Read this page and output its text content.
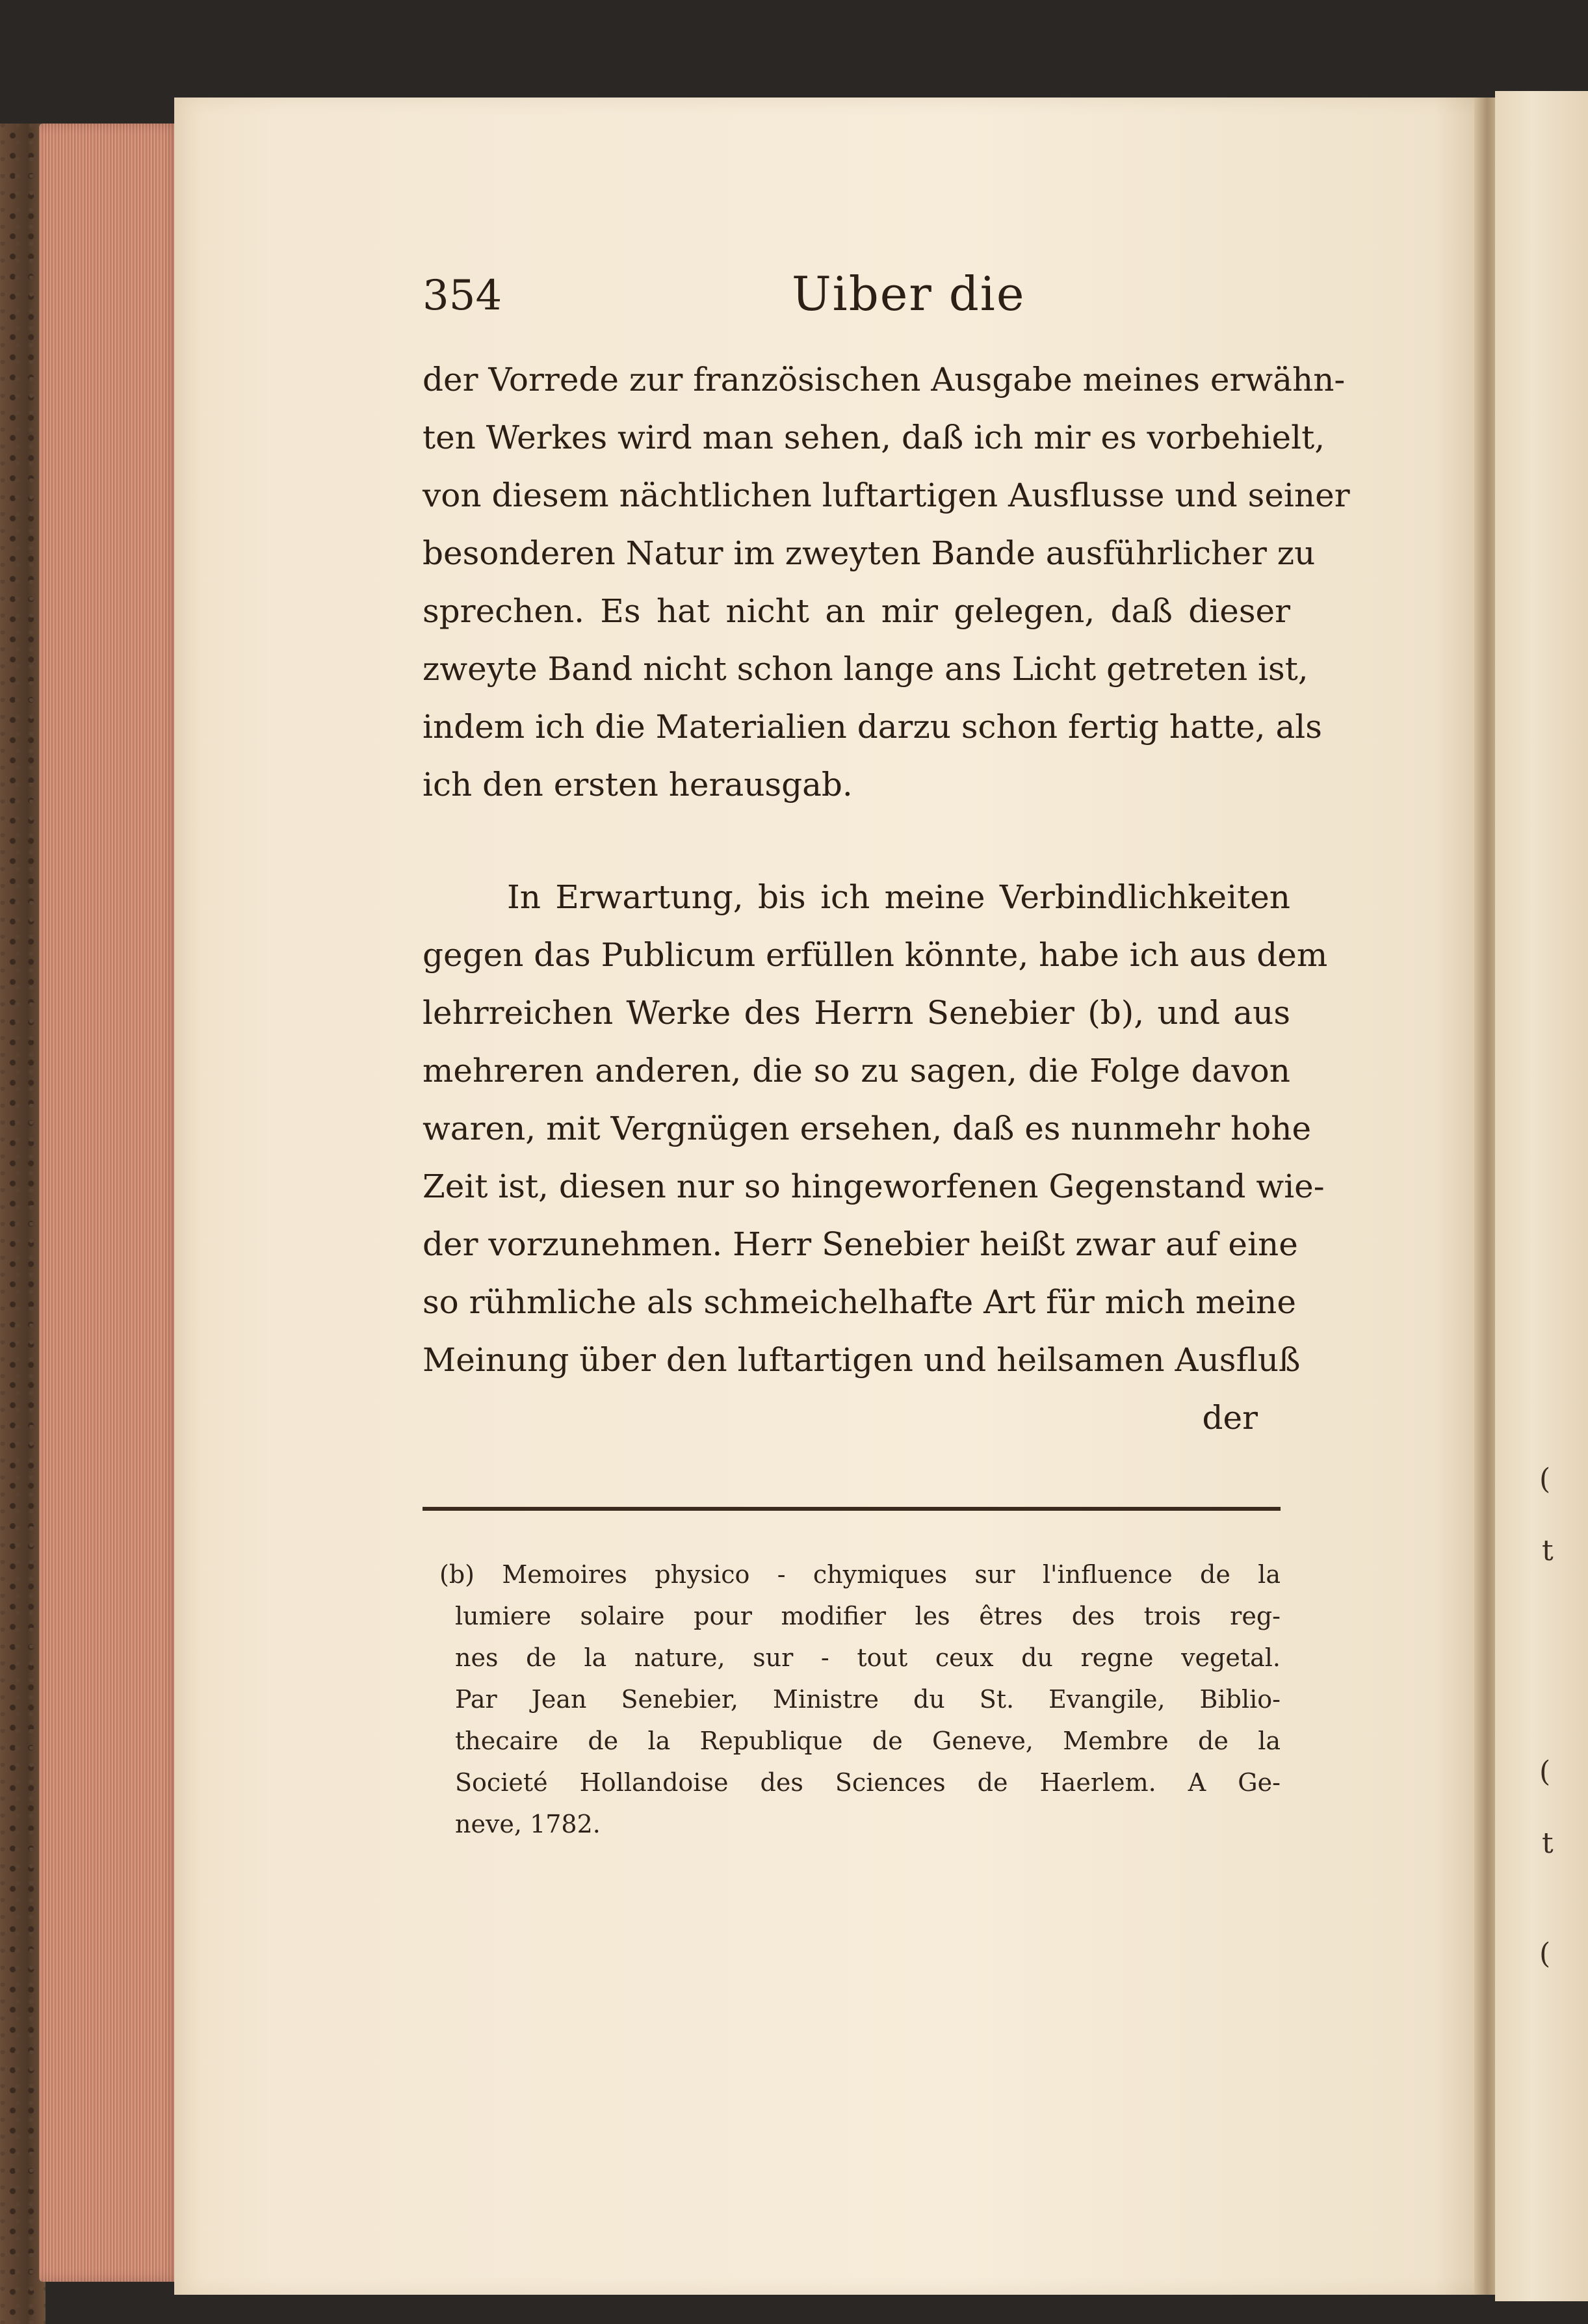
(
t
(
t
(
354	Uiber die
der Vorrede zur französischen Ausgabe meines erwähn-
ten Werkes wird man sehen, daß ich mir es vorbehielt,
von diesem nächtlichen luftartigen Ausflusse und seiner
besonderen Natur im zweyten Bande ausführlicher zu
sprechen. Es hat nicht an mir gelegen, daß dieser
zweyte Band nicht schon lange ans Licht getreten ist,
indem ich die Materialien darzu schon fertig hatte, als
ich den ersten herausgab.
In Erwartung, bis ich meine Verbindlichkeiten
gegen das Publicum erfüllen könnte, habe ich aus dem
lehrreichen Werke des Herrn Senebier (b), und aus
mehreren anderen, die so zu sagen, die Folge davon
waren, mit Vergnügen ersehen, daß es nunmehr hohe
Zeit ist, diesen nur so hingeworfenen Gegenstand wie-
der vorzunehmen. Herr Senebier heißt zwar auf eine
so rühmliche als schmeichelhafte Art für mich meine
Meinung über den luftartigen und heilsamen Ausfluß
der
(b) Memoires physico - chymiques sur l'influence de la
lumiere solaire pour modifier les êtres des trois reg-
nes de la nature, sur - tout ceux du regne vegetal.
Par Jean Senebier, Ministre du St. Evangile, Biblio-
thecaire de la Republique de Geneve, Membre de la
Societé Hollandoise des Sciences de Haerlem. A Ge-
neve, 1782.
